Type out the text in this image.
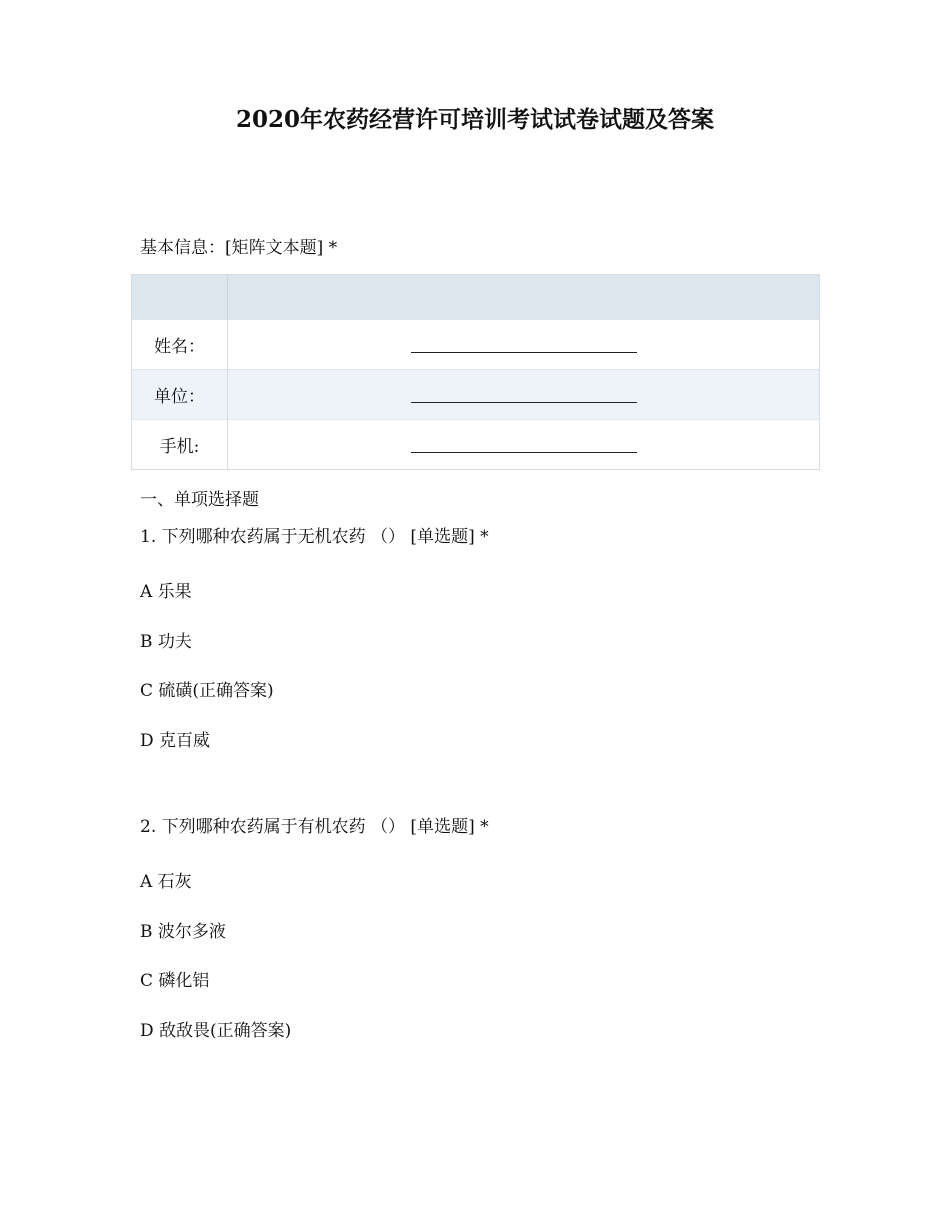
2020年农药经营许可培训考试试卷试题及答案
基本信息：[矩阵文本题] *

姓名：	
单位：	
手机:	
一、单项选择题
1. 下列哪种农药属于无机农药 （） [单选题] *
A 乐果
B 功夫
C 硫磺(正确答案)
D 克百威
2. 下列哪种农药属于有机农药 （） [单选题] *
A 石灰
B 波尔多液
C 磷化铝
D 敌敌畏(正确答案)
